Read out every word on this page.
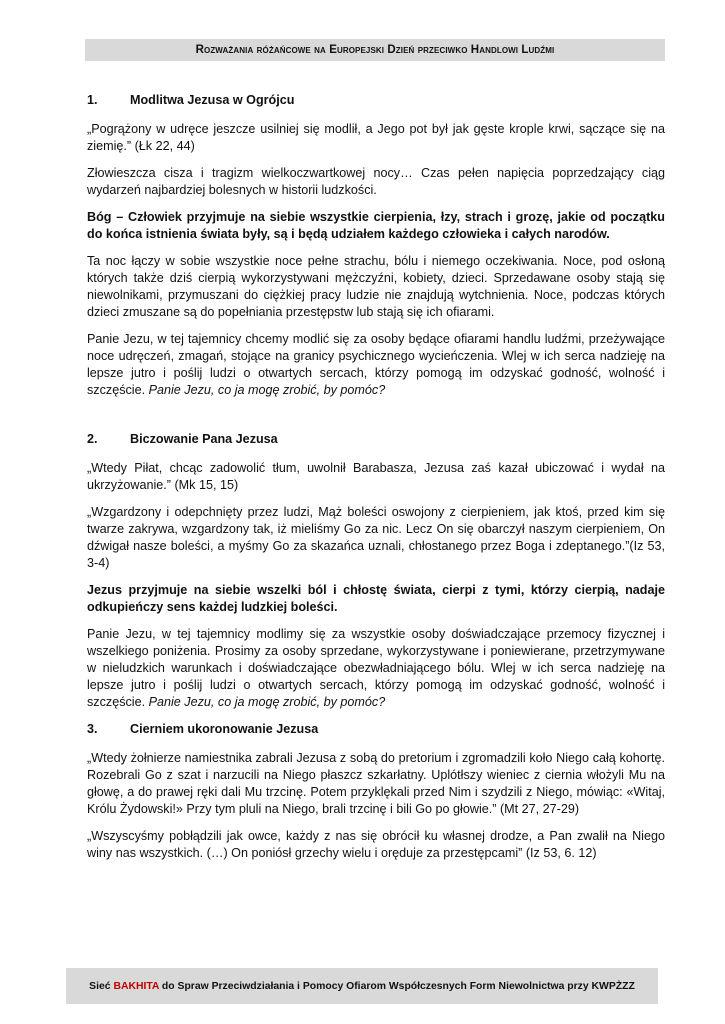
Rozważania różańcowe na Europejski Dzień przeciwko Handlowi Ludźmi
1.	Modlitwa Jezusa w Ogrójcu

„Pogrążony w udręce jeszcze usilniej się modlił, a Jego pot był jak gęste krople krwi, sączące się na ziemię.” (Łk 22, 44)

Złowieszcza cisza i tragizm wielkoczwartkowej nocy… Czas pełen napięcia poprzedzający ciąg wydarzeń najbardziej bolesnych w historii ludzkości.

Bóg – Człowiek przyjmuje na siebie wszystkie cierpienia, łzy, strach i grozę, jakie od początku do końca istnienia świata były, są i będą udziałem każdego człowieka i całych narodów.

Ta noc łączy w sobie wszystkie noce pełne strachu, bólu i niemego oczekiwania. Noce, pod osłoną których także dziś cierpią wykorzystywani mężczyźni, kobiety, dzieci. Sprzedawane osoby stają się niewolnikami, przymuszani do ciężkiej pracy ludzie nie znajdują wytchnienia. Noce, podczas których dzieci zmuszane są do popełniania przestępstw lub stają się ich ofiarami.

Panie Jezu, w tej tajemnicy chcemy modlić się za osoby będące ofiarami handlu ludźmi, przeżywające noce udręczeń, zmagań, stojące na granicy psychicznego wycieńczenia. Wlej w ich serca nadzieję na lepsze jutro i poślij ludzi o otwartych sercach, którzy pomogą im odzyskać godność, wolność i szczęście. Panie Jezu, co ja mogę zrobić, by pomóc?

2.	Biczowanie Pana Jezusa

„Wtedy Piłat, chcąc zadowolić tłum, uwolnił Barabasza, Jezusa zaś kazał ubiczować i wydał na ukrzyżowanie.” (Mk 15, 15)

„Wzgardzony i odepchnięty przez ludzi, Mąż boleści oswojony z cierpieniem, jak ktoś, przed kim się twarze zakrywa, wzgardzony tak, iż mieliśmy Go za nic. Lecz On się obarczył naszym cierpieniem, On dźwigał nasze boleści, a myśmy Go za skazańca uznali, chłostanego przez Boga i zdeptanego.”(Iz 53, 3-4)

Jezus przyjmuje na siebie wszelki ból i chłostę świata, cierpi z tymi, którzy cierpią, nadaje odkupieńczy sens każdej ludzkiej boleści.

Panie Jezu, w tej tajemnicy modlimy się za wszystkie osoby doświadczające przemocy fizycznej i wszelkiego poniżenia. Prosimy za osoby sprzedane, wykorzystywane i poniewierane, przetrzymywane w nieludzkich warunkach i doświadczające obezwładniającego bólu. Wlej w ich serca nadzieję na lepsze jutro i poślij ludzi o otwartych sercach, którzy pomogą im odzyskać godność, wolność i szczęście. Panie Jezu, co ja mogę zrobić, by pomóc?

3.	Cierniem ukoronowanie Jezusa

„Wtedy żołnierze namiestnika zabrali Jezusa z sobą do pretorium i zgromadzili koło Niego całą kohortę. Rozebrali Go z szat i narzucili na Niego płaszcz szkarłatny. Uplótłszy wieniec z ciernia włożyli Mu na głowę, a do prawej ręki dali Mu trzcinę. Potem przyklękali przed Nim i szydzili z Niego, mówiąc: «Witaj, Królu Żydowski!» Przy tym pluli na Niego, brali trzcinę i bili Go po głowie.” (Mt 27, 27-29)

„Wszyscyśmy pobłądzili jak owce, każdy z nas się obrócił ku własnej drodze, a Pan zwalił na Niego winy nas wszystkich. (…) On poniósł grzechy wielu i oręduje za przestępcami” (Iz 53, 6. 12)

Sieć BAKHITA do Spraw Przeciwdziałania i Pomocy Ofiarom Współczesnych Form Niewolnictwa przy KWPŻZZ
